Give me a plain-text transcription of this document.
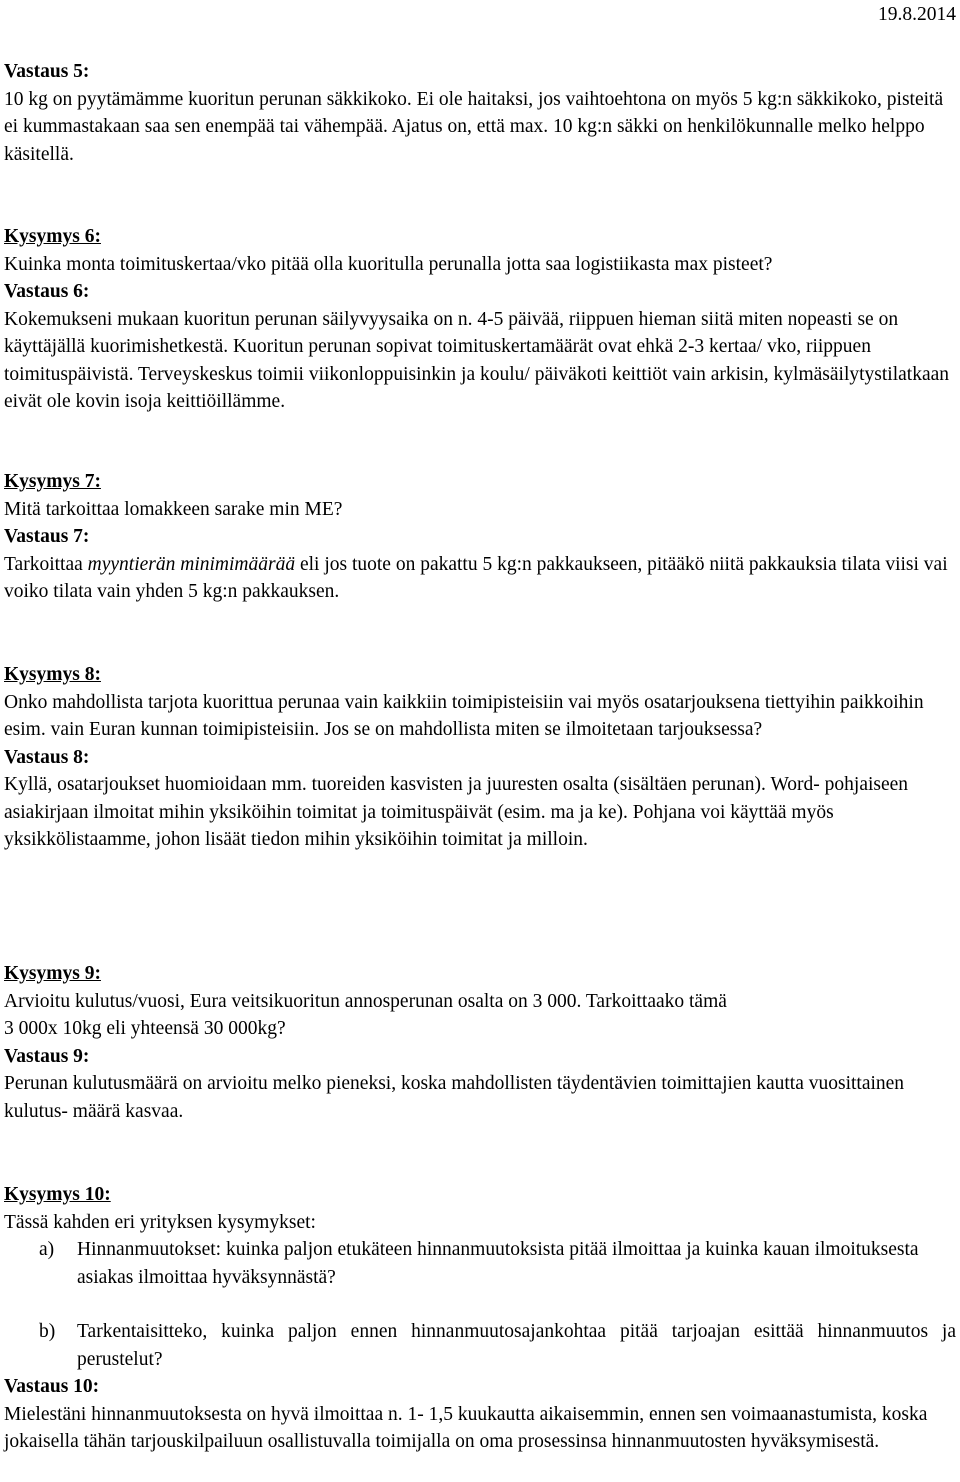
19.8.2014

Vastaus 5:

10 kg on pyytämämme kuoritun perunan säkkikoko. Ei ole haitaksi, jos vaihtoehtona on myös 5 kg:n säkkikoko, pisteitä ei kummastakaan saa sen enempää tai vähempää. Ajatus on, että max. 10 kg:n säkki on henkilökunnalle melko helppo käsitellä.

Kysymys 6:

Kuinka monta toimituskertaa/vko pitää olla kuoritulla perunalla jotta saa logistiikasta max pisteet?

Vastaus 6:

Kokemukseni mukaan kuoritun perunan säilyvyysaika on n. 4-5 päivää, riippuen hieman siitä miten nopeasti se on käyttäjällä kuorimishetkestä. Kuoritun perunan sopivat toimituskertamäärät ovat ehkä 2-3 kertaa/ vko, riippuen toimituspäivistä. Terveyskeskus toimii viikonloppuisinkin ja koulu/ päiväkoti keittiöt vain arkisin, kylmäsäilytystilatkaan eivät ole kovin isoja keittiöillämme.

Kysymys 7:

Mitä tarkoittaa lomakkeen sarake min ME?

Vastaus 7:

Tarkoittaa myyntierän minimimäärää eli jos tuote on pakattu 5 kg:n pakkaukseen, pitääkö niitä pakkauksia tilata viisi vai voiko tilata vain yhden 5 kg:n pakkauksen.

Kysymys 8:

Onko mahdollista tarjota kuorittua perunaa vain kaikkiin toimipisteisiin vai myös osatarjouksena tiettyihin paikkoihin esim. vain Euran kunnan toimipisteisiin. Jos se on mahdollista miten se ilmoitetaan tarjouksessa?

Vastaus 8:

Kyllä, osatarjoukset huomioidaan mm. tuoreiden kasvisten ja juuresten osalta (sisältäen perunan). Word- pohjaiseen asiakirjaan ilmoitat mihin yksiköihin toimitat ja toimituspäivät (esim. ma ja ke). Pohjana voi käyttää myös yksikkölistaamme, johon lisäät tiedon mihin yksiköihin toimitat ja milloin.

Kysymys 9:

Arvioitu kulutus/vuosi, Eura veitsikuoritun annosperunan osalta on 3 000. Tarkoittaako tämä

3 000x 10kg eli yhteensä 30 000kg?

Vastaus 9:

Perunan kulutusmäärä on arvioitu melko pieneksi, koska mahdollisten täydentävien toimittajien kautta vuosittainen kulutus- määrä kasvaa.

Kysymys 10:

Tässä kahden eri yrityksen kysymykset:

a)	Hinnanmuutokset: kuinka paljon etukäteen hinnanmuutoksista pitää ilmoittaa ja kuinka kauan ilmoituksesta asiakas ilmoittaa hyväksynnästä?
b)	Tarkentaisitteko, kuinka paljon ennen hinnanmuutosajankohtaa pitää tarjoajan esittää hinnanmuutos ja perustelut?

Vastaus 10:

Mielestäni hinnanmuutoksesta on hyvä ilmoittaa n. 1- 1,5 kuukautta aikaisemmin, ennen sen voimaanastumista, koska jokaisella tähän tarjouskilpailuun osallistuvalla toimijalla on oma prosessinsa hinnanmuutosten hyväksymisestä.
